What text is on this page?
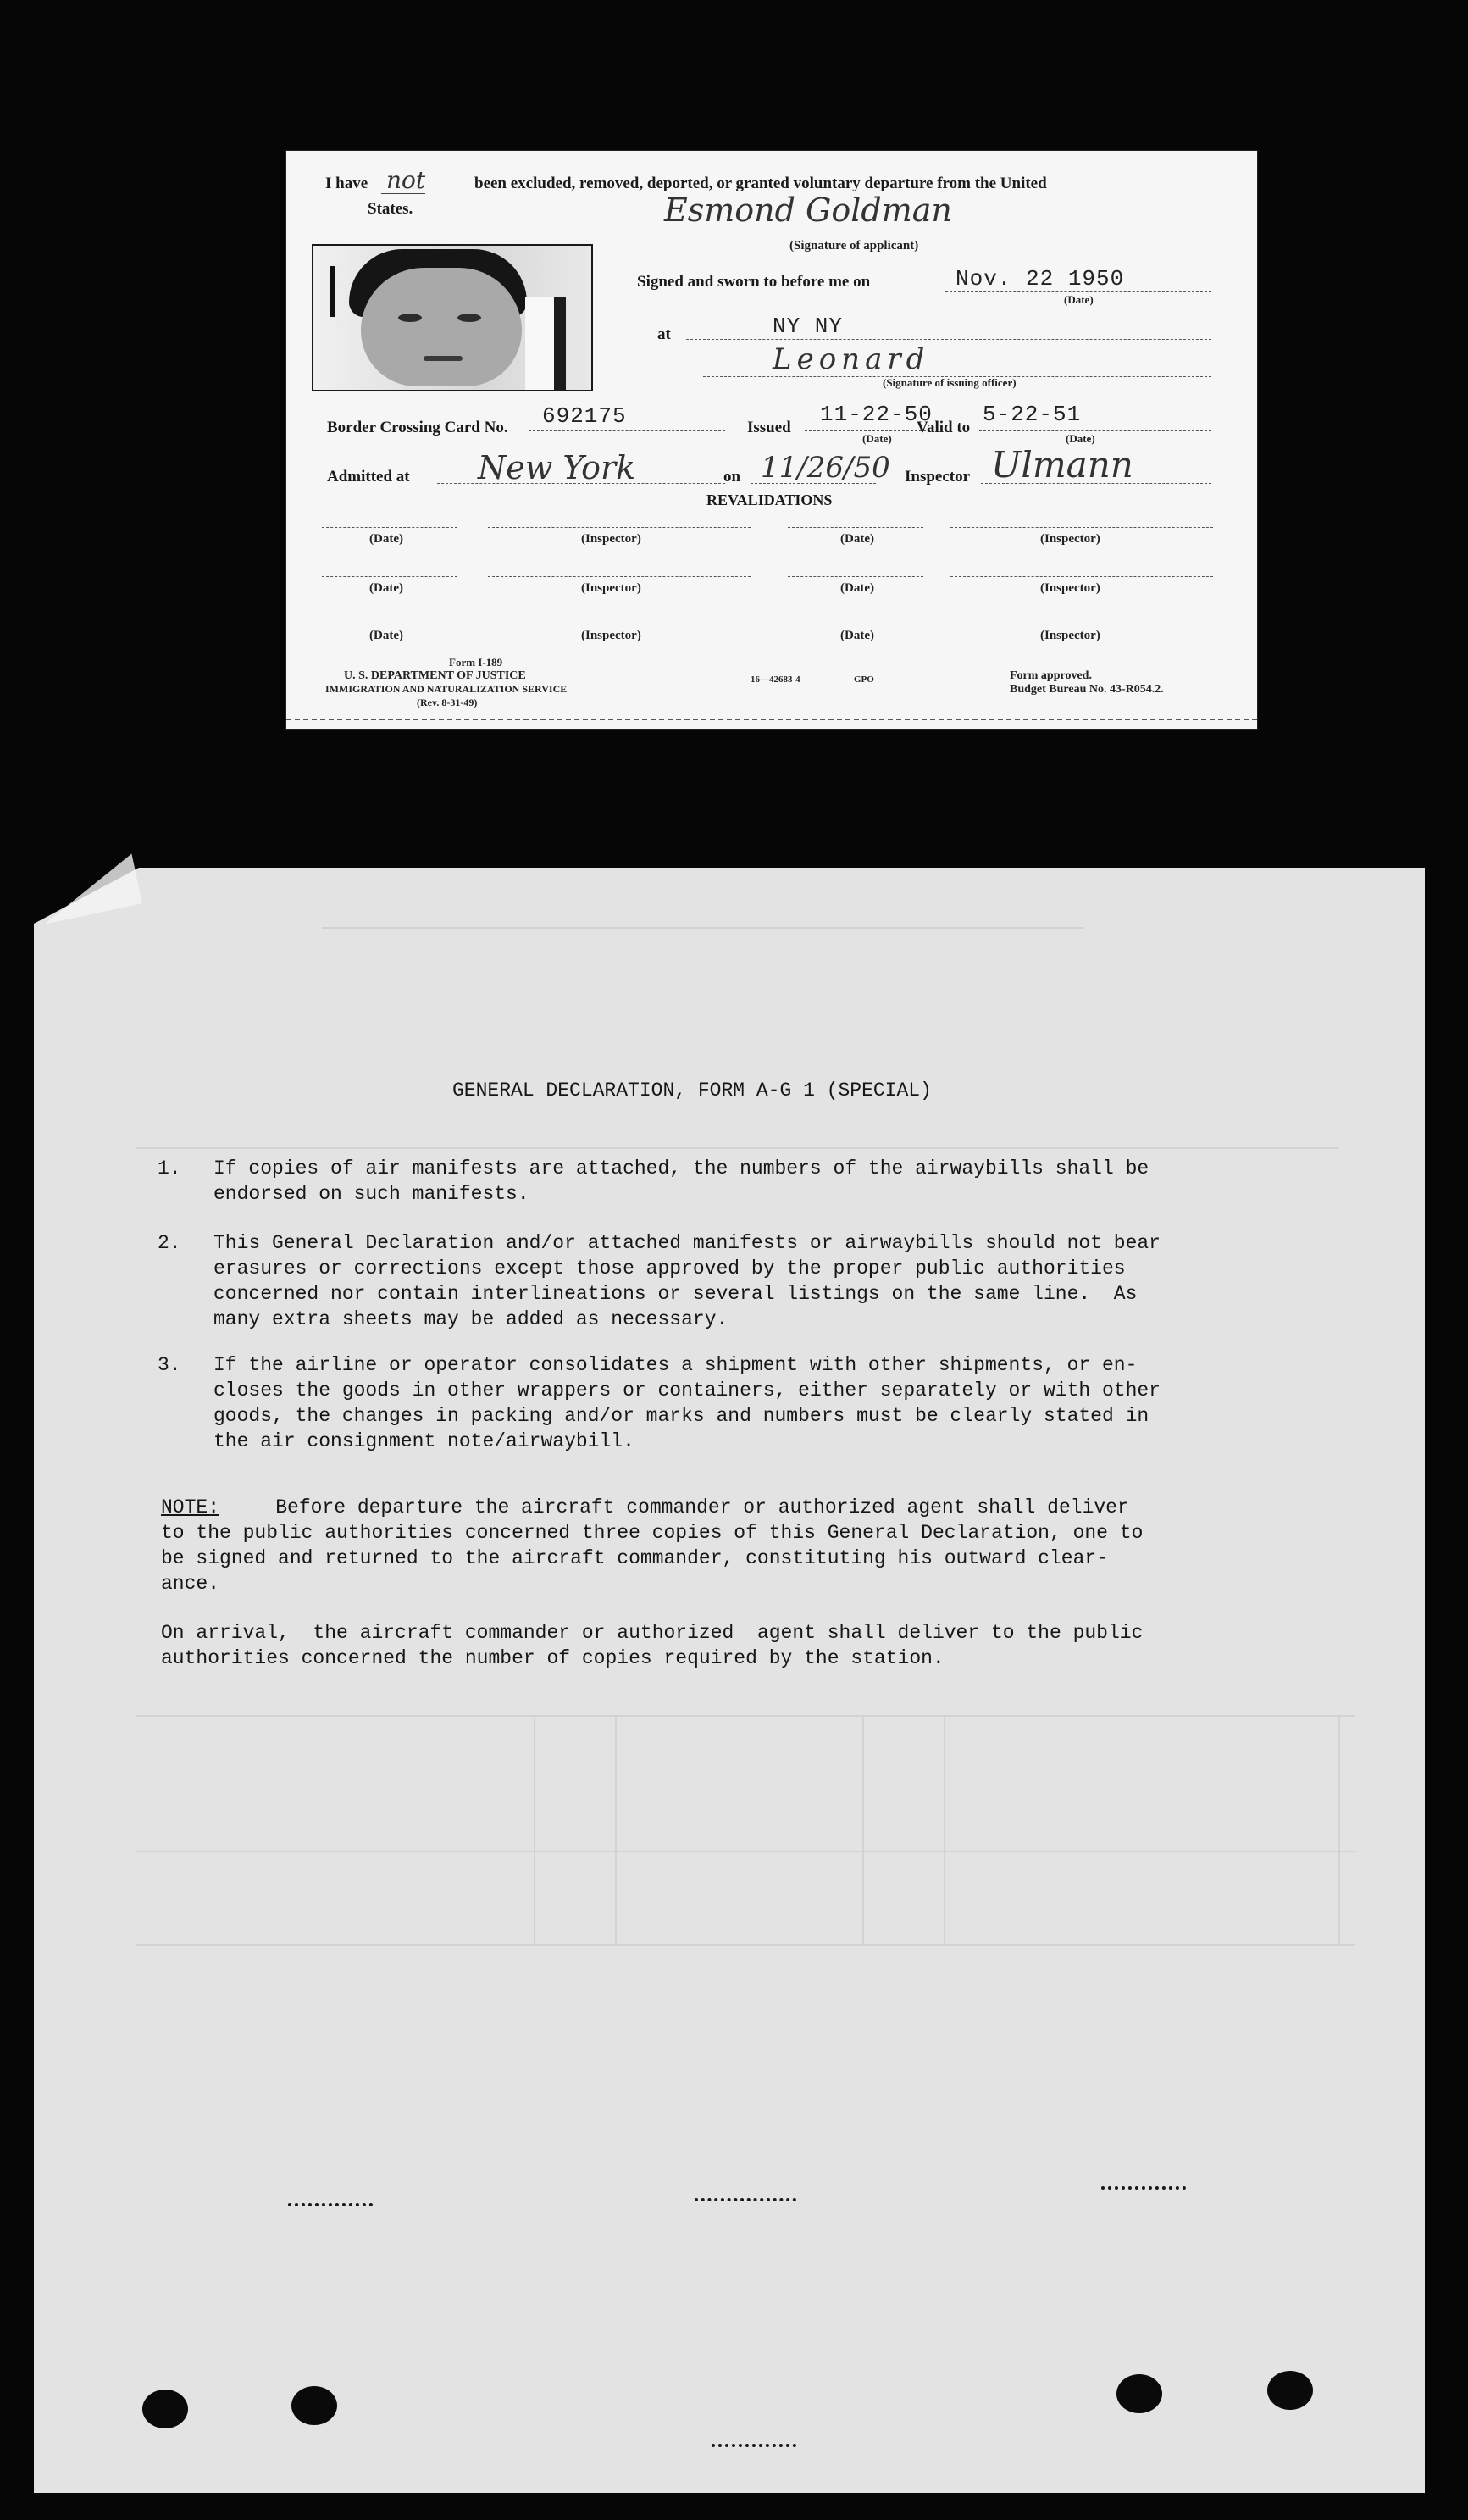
I have not	been excluded, removed, deported, or granted voluntary departure from the United
States.	Esmond Goldman
(Signature of applicant)
Signed and sworn to before me on	Nov. 22 1950
(Date)
at	NY NY
Leonard
(Signature of issuing officer)
Border Crossing Card No. 692175	Issued
11-22-50
(Date)
Valid to
5-22-51
(Date)
Admitted at New York	on 11/26/50 Inspector Ulmann
REVALIDATIONS
(Date)	(Inspector)	(Date)	(Inspector)
(Date)	(Inspector)	(Date)	(Inspector)
(Date)	(Inspector)	(Date)	(Inspector)
Form I-189
U. S. DEPARTMENT OF JUSTICE
IMMIGRATION AND NATURALIZATION SERVICE
(Rev. 8-31-49)
16—42683-4	GPO	Form approved.
Budget Bureau No. 43-R054.2.
GENERAL DECLARATION, FORM A-G 1 (SPECIAL)
1. If copies of air manifests are attached, the numbers of the airwaybills shall be
endorsed on such manifests.
2. This General Declaration and/or attached manifests or airwaybills should not bear
erasures or corrections except those approved by the proper public authorities
concerned nor contain interlineations or several listings on the same line.  As
many extra sheets may be added as necessary.
3. If the airline or operator consolidates a shipment with other shipments, or en-
closes the goods in other wrappers or containers, either separately or with other
goods, the changes in packing and/or marks and numbers must be clearly stated in
the air consignment note/airwaybill.
NOTE: Before departure the aircraft commander or authorized agent shall deliver
to the public authorities concerned three copies of this General Declaration, one to
be signed and returned to the aircraft commander, constituting his outward clear-
ance.
On arrival,  the aircraft commander or authorized  agent shall deliver to the public
authorities concerned the number of copies required by the station.
